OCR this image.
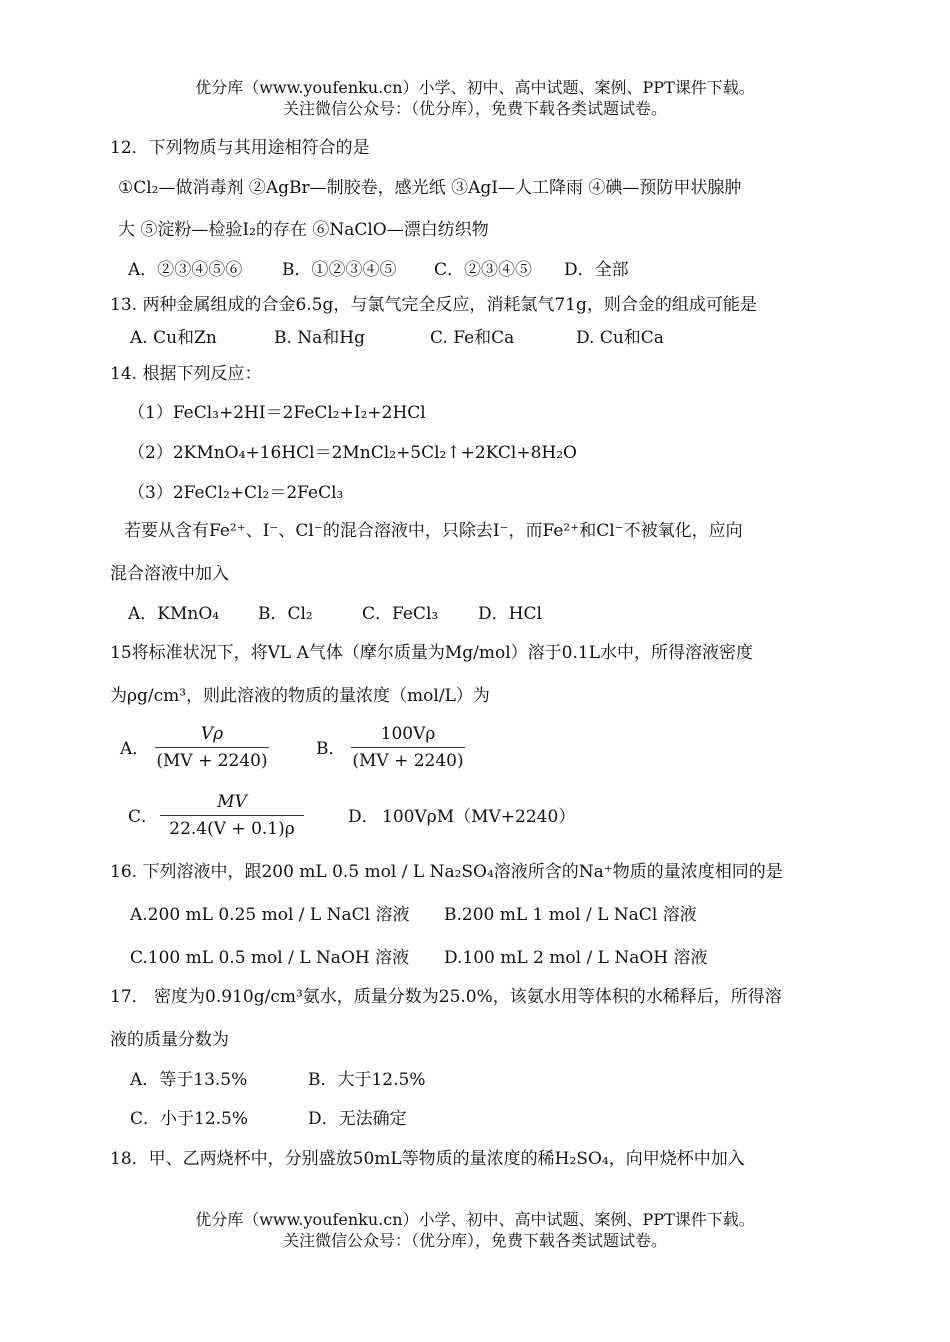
优分库（www.youfenku.cn）小学、初中、高中试题、案例、PPT课件下载。
关注微信公众号：（优分库），免费下载各类试题试卷。
12．下列物质与其用途相符合的是
①Cl₂—做消毒剂 ②AgBr—制胶卷，感光纸 ③AgI—人工降雨 ④碘—预防甲状腺肿
大 ⑤淀粉—检验I₂的存在 ⑥NaClO—漂白纺织物
A．②③④⑤⑥ B．①②③④⑤ C．②③④⑤ D．全部
13. 两种金属组成的合金6.5g，与氯气完全反应，消耗氯气71g，则合金的组成可能是
A. Cu和Zn	B. Na和Hg	C. Fe和Ca	D. Cu和Ca
14. 根据下列反应：
（1）FeCl₃+2HI＝2FeCl₂+I₂+2HCl
（2）2KMnO₄+16HCl＝2MnCl₂+5Cl₂↑+2KCl+8H₂O
（3）2FeCl₂+Cl₂＝2FeCl₃
若要从含有Fe²⁺、I⁻、Cl⁻的混合溶液中，只除去I⁻，而Fe²⁺和Cl⁻不被氧化，应向
混合溶液中加入
A．KMnO₄ B．Cl₂	C．FeCl₃ D．HCl
15将标准状况下，将VL A气体（摩尔质量为Mg/mol）溶于0.1L水中，所得溶液密度
为ρg/cm³，则此溶液的物质的量浓度（mol/L）为
A．
Vρ
(MV + 2240)
B．
100Vρ
(MV + 2240)
C．
MV
22.4(V + 0.1)ρ
D． 100VρM（MV+2240）
16. 下列溶液中，跟200 mL 0.5 mol / L Na₂SO₄溶液所含的Na⁺物质的量浓度相同的是
A.200 mL 0.25 mol / L NaCl 溶液 B.200 mL 1 mol / L NaCl 溶液
C.100 mL 0.5 mol / L NaOH 溶液 D.100 mL 2 mol / L NaOH 溶液
17． 密度为0.910g/cm³氨水，质量分数为25.0%，该氨水用等体积的水稀释后，所得溶
液的质量分数为
A．等于13.5%	B．大于12.5%
C．小于12.5%	D．无法确定
18．甲、乙两烧杯中，分别盛放50mL等物质的量浓度的稀H₂SO₄，向甲烧杯中加入
优分库（www.youfenku.cn）小学、初中、高中试题、案例、PPT课件下载。
关注微信公众号：（优分库），免费下载各类试题试卷。
